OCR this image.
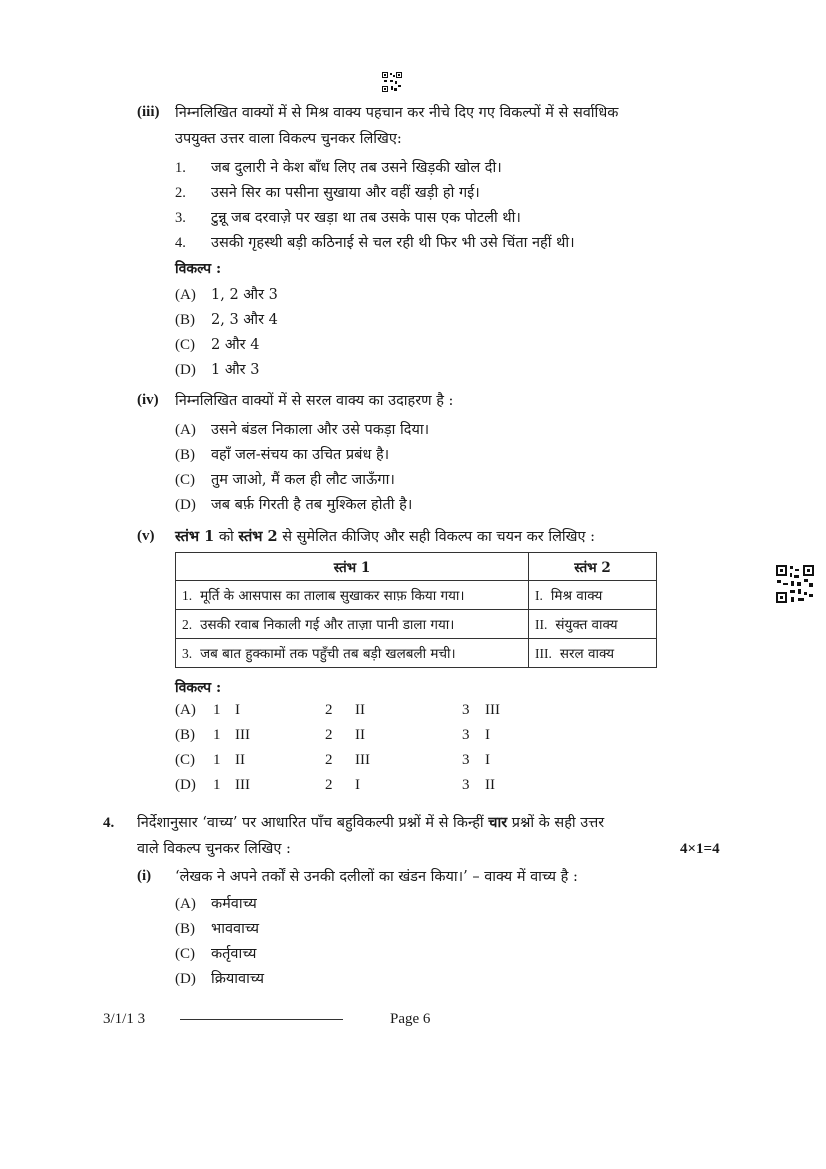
(iii) निम्नलिखित वाक्यों में से मिश्र वाक्य पहचान कर नीचे दिए गए विकल्पों में से सर्वाधिक
उपयुक्त उत्तर वाला विकल्प चुनकर लिखिए:
1. जब दुलारी ने केश बाँध लिए तब उसने खिड़की खोल दी।
2. उसने सिर का पसीना सुखाया और वहीं खड़ी हो गई।
3. टुन्नू जब दरवाज़े पर खड़ा था तब उसके पास एक पोटली थी।
4. उसकी गृहस्थी बड़ी कठिनाई से चल रही थी फिर भी उसे चिंता नहीं थी।
विकल्प :
(A) 1, 2 और 3
(B) 2, 3 और 4
(C) 2 और 4
(D) 1 और 3
(iv) निम्नलिखित वाक्यों में से सरल वाक्य का उदाहरण है :
(A) उसने बंडल निकाला और उसे पकड़ा दिया।
(B) वहाँ जल-संचय का उचित प्रबंध है।
(C) तुम जाओ, मैं कल ही लौट जाऊँगा।
(D) जब बर्फ़ गिरती है तब मुश्किल होती है।
(v) स्तंभ 1 को स्तंभ 2 से सुमेलित कीजिए और सही विकल्प का चयन कर लिखिए :
स्तंभ 1	स्तंभ 2
1. मूर्ति के आसपास का तालाब सुखाकर साफ़ किया गया।	I. मिश्र वाक्य
2. उसकी रवाब निकाली गई और ताज़ा पानी डाला गया।	II. संयुक्त वाक्य
3. जब बात हुक्कामों तक पहुँची तब बड़ी खलबली मची।	III. सरल वाक्य
विकल्प :
(A) 1 I	2 II	3 III
(B) 1 III	2 II	3 I
(C) 1 II	2 III	3 I
(D) 1 III	2 I	3 II
4. निर्देशानुसार ‘वाच्य’ पर आधारित पाँच बहुविकल्पी प्रश्नों में से किन्हीं चार प्रश्नों के सही उत्तर
वाले विकल्प चुनकर लिखिए :	4×1=4
(i) ‘लेखक ने अपने तर्कों से उनकी दलीलों का खंडन किया।’ – वाक्य में वाच्य है :
(A) कर्मवाच्य
(B) भाववाच्य
(C) कर्तृवाच्य
(D) क्रियावाच्य
3/1/1 3	Page 6
